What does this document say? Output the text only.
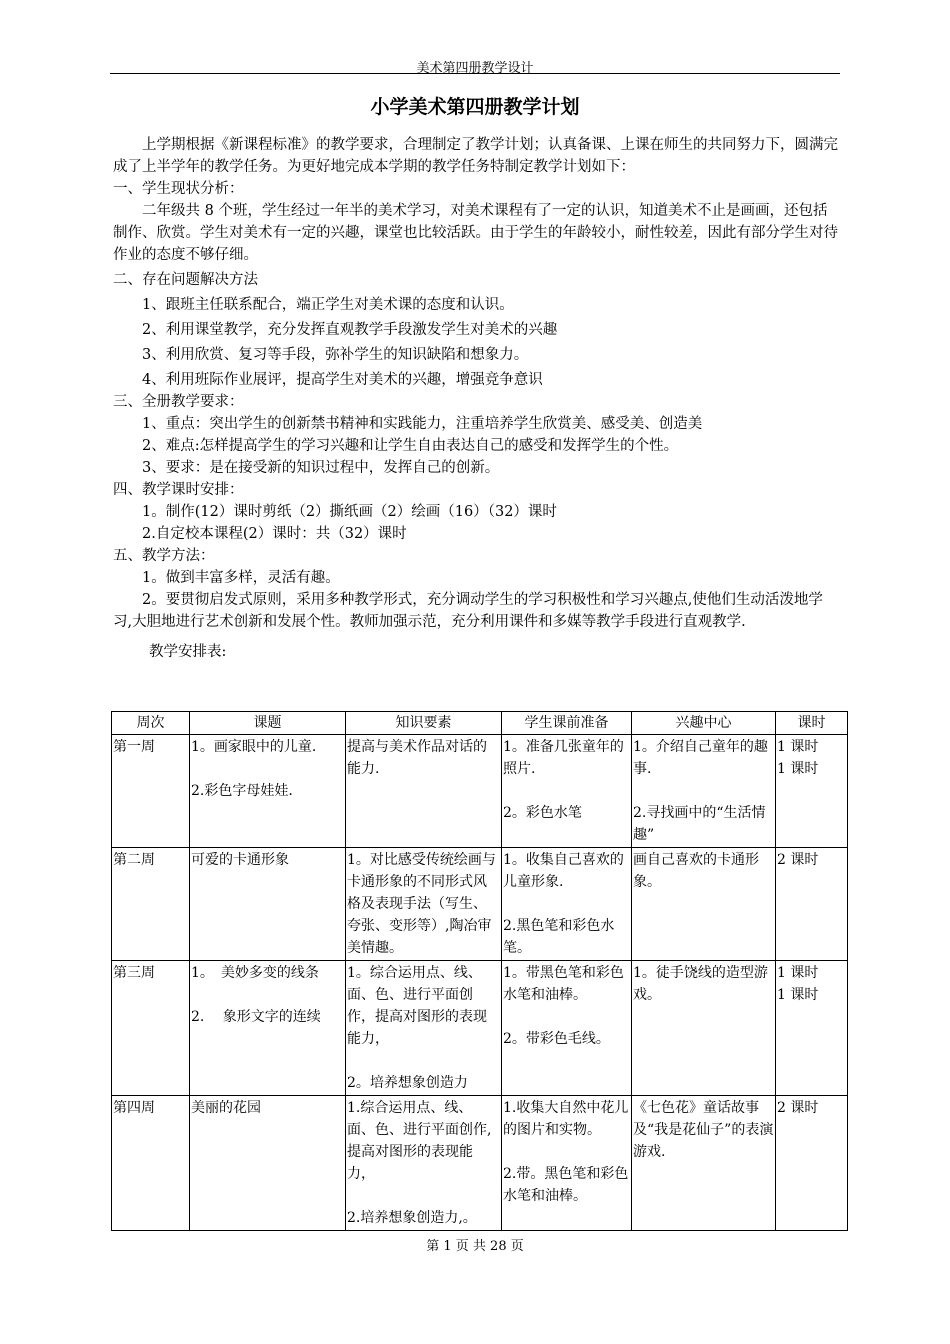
美术第四册教学设计
小学美术第四册教学计划

上学期根据《新课程标准》的教学要求，合理制定了教学计划；认真备课、上课在师生的共同努力下，圆满完成了上半学年的教学任务。为更好地完成本学期的教学任务特制定教学计划如下：

一、学生现状分析：

二年级共 8 个班，学生经过一年半的美术学习，对美术课程有了一定的认识，知道美术不止是画画，还包括制作、欣赏。学生对美术有一定的兴趣，课堂也比较活跃。由于学生的年龄较小，耐性较差，因此有部分学生对待作业的态度不够仔细。

二、存在问题解决方法

1、跟班主任联系配合，端正学生对美术课的态度和认识。

2、利用课堂教学，充分发挥直观教学手段激发学生对美术的兴趣

3、利用欣赏、复习等手段，弥补学生的知识缺陷和想象力。

4、利用班际作业展评，提高学生对美术的兴趣，增强竞争意识

三、全册教学要求：

1、重点：突出学生的创新禁书精神和实践能力，注重培养学生欣赏美、感受美、创造美

2、难点:怎样提高学生的学习兴趣和让学生自由表达自己的感受和发挥学生的个性。

3、要求：是在接受新的知识过程中，发挥自己的创新。

四、教学课时安排：

1。制作(12）课时剪纸（2）撕纸画（2）绘画（16）（32）课时

2.自定校本课程(2）课时：共（32）课时

五、教学方法：

1。做到丰富多样，灵活有趣。

2。要贯彻启发式原则，采用多种教学形式，充分调动学生的学习积极性和学习兴趣点,使他们生动活泼地学习,大胆地进行艺术创新和发展个性。教师加强示范，充分利用课件和多媒等教学手段进行直观教学.

教学安排表:

周次	课题	知识要素	学生课前准备	兴趣中心	课时
第一周	1。画家眼中的儿童.
2.彩色字母娃娃.	提高与美术作品对话的能力.	1。准备几张童年的照片.
2。彩色水笔	1。介绍自己童年的趣事.
2.寻找画中的“生活情趣”	1 课时
1 课时

第二周	可爱的卡通形象	1。对比感受传统绘画与卡通形象的不同形式风格及表现手法（写生、夸张、变形等）,陶冶审美情趣。	1。收集自己喜欢的儿童形象.
2.黑色笔和彩色水笔。	画自己喜欢的卡通形象。	2 课时

第三周	1。　美妙多变的线条
2.　 象形文字的连续	1。综合运用点、线、面、色、进行平面创作，提高对图形的表现能力，
2。培养想象创造力	1。带黑色笔和彩色水笔和油棒。
2。带彩色毛线。	1。徒手饶线的造型游戏。	1 课时
1 课时

第四周	美丽的花园	1.综合运用点、线、面、色、进行平面创作,提高对图形的表现能力，
2.培养想象创造力,。	1.收集大自然中花儿的图片和实物。
2.带。黑色笔和彩色水笔和油棒。	《七色花》童话故事及“我是花仙子”的表演游戏.	2 课时
第 1 页 共 28 页
